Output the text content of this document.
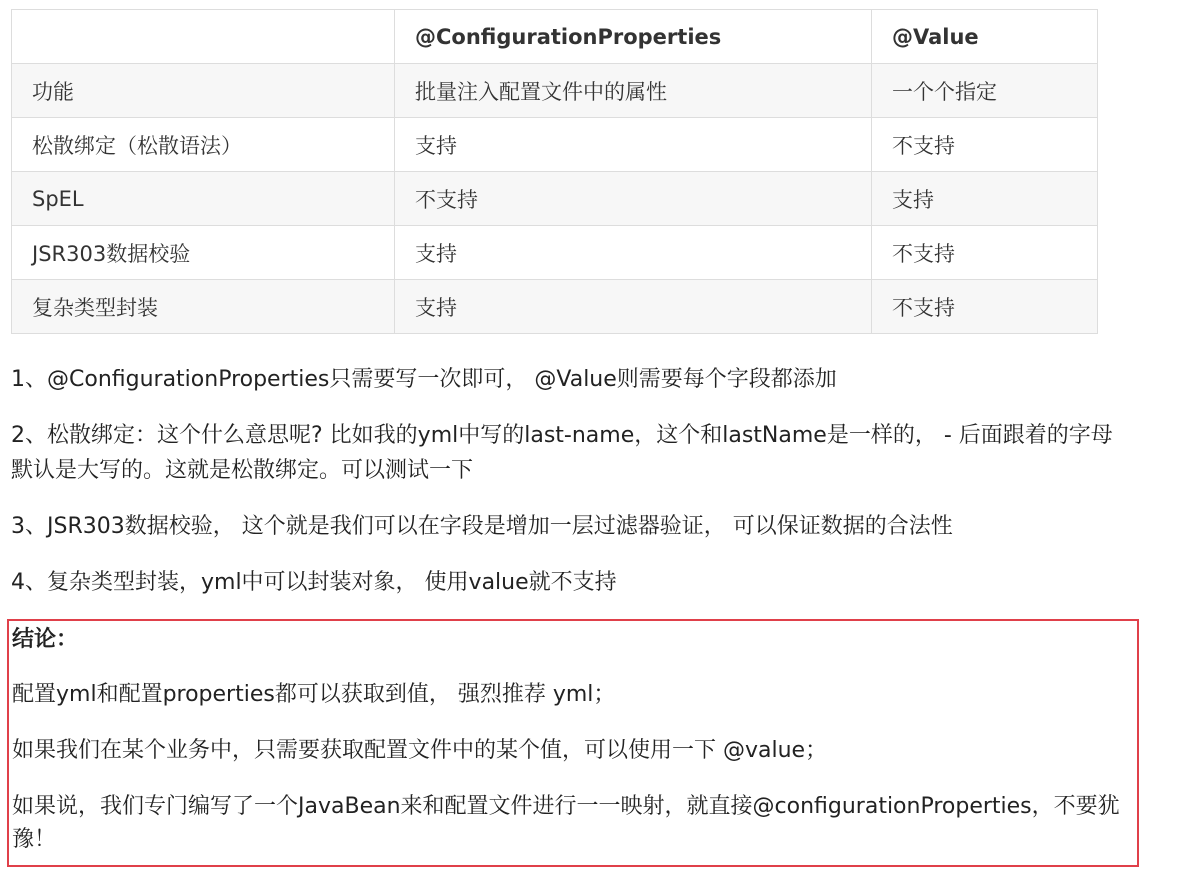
	@ConfigurationProperties	@Value
功能	批量注入配置文件中的属性	一个个指定
松散绑定（松散语法）	支持	不支持
SpEL	不支持	支持
JSR303数据校验	支持	不支持
复杂类型封装	支持	不支持

1、@ConfigurationProperties只需要写一次即可， @Value则需要每个字段都添加

2、松散绑定：这个什么意思呢? 比如我的yml中写的last-name，这个和lastName是一样的， - 后面跟着的字母默认是大写的。这就是松散绑定。可以测试一下

3、JSR303数据校验， 这个就是我们可以在字段是增加一层过滤器验证， 可以保证数据的合法性

4、复杂类型封装，yml中可以封装对象， 使用value就不支持

结论：

配置yml和配置properties都可以获取到值， 强烈推荐 yml；

如果我们在某个业务中，只需要获取配置文件中的某个值，可以使用一下 @value；

如果说，我们专门编写了一个JavaBean来和配置文件进行一一映射，就直接@configurationProperties，不要犹豫！
